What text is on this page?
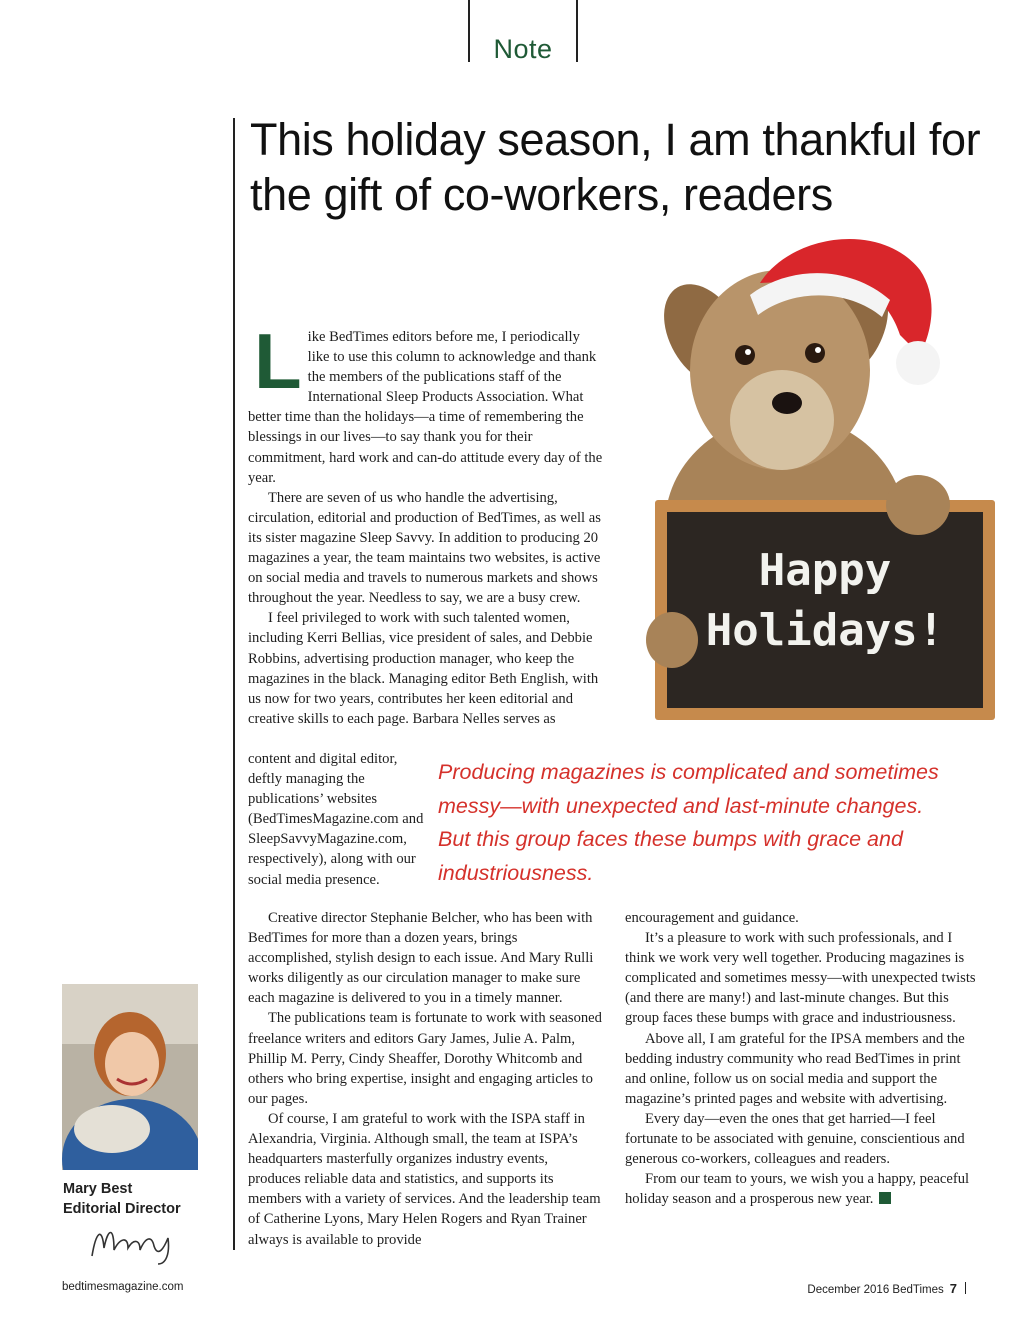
Note
This holiday season, I am thankful for the gift of co-workers, readers
Happy
Holidays!

Like BedTimes editors before me, I periodically like to use this column to acknowledge and thank the members of the publications staff of the International Sleep Products Association. What better time than the holidays—a time of remembering the blessings in our lives—to say thank you for their commitment, hard work and can-do attitude every day of the year.

There are seven of us who handle the advertising, circulation, editorial and production of BedTimes, as well as its sister magazine Sleep Savvy. In addition to producing 20 magazines a year, the team maintains two websites, is active on social media and travels to numerous markets and shows throughout the year. Needless to say, we are a busy crew.

I feel privileged to work with such talented women, including Kerri Bellias, vice president of sales, and Debbie Robbins, advertising production manager, who keep the magazines in the black. Managing editor Beth English, with us now for two years, contributes her keen editorial and creative skills to each page. Barbara Nelles serves as

content and digital editor, deftly managing the publications’ websites (BedTimesMagazine.com and SleepSavvyMagazine.com, respectively), along with our social media presence.

Producing magazines is complicated and sometimes messy—with unexpected and last-minute changes. But this group faces these bumps with grace and industriousness.

Creative director Stephanie Belcher, who has been with BedTimes for more than a dozen years, brings accomplished, stylish design to each issue. And Mary Rulli works diligently as our circulation manager to make sure each magazine is delivered to you in a timely manner.

The publications team is fortunate to work with seasoned freelance writers and editors Gary James, Julie A. Palm, Phillip M. Perry, Cindy Sheaffer, Dorothy Whitcomb and others who bring expertise, insight and engaging articles to our pages.

Of course, I am grateful to work with the ISPA staff in Alexandria, Virginia. Although small, the team at ISPA’s headquarters masterfully organizes industry events, produces reliable data and statistics, and supports its members with a variety of services. And the leadership team of Catherine Lyons, Mary Helen Rogers and Ryan Trainer always is available to provide

encouragement and guidance.

It’s a pleasure to work with such professionals, and I think we work very well together. Producing magazines is complicated and sometimes messy—with unexpected twists (and there are many!) and last-minute changes. But this group faces these bumps with grace and industriousness.

Above all, I am grateful for the IPSA members and the bedding industry community who read BedTimes in print and online, follow us on social media and support the magazine’s printed pages and website with advertising.

Every day—even the ones that get harried—I feel fortunate to be associated with genuine, conscientious and generous co-workers, colleagues and readers.

From our team to yours, we wish you a happy, peaceful holiday season and a prosperous new year.

Mary Best
Editorial Director
bedtimesmagazine.com	December 2016 BedTimes 7
